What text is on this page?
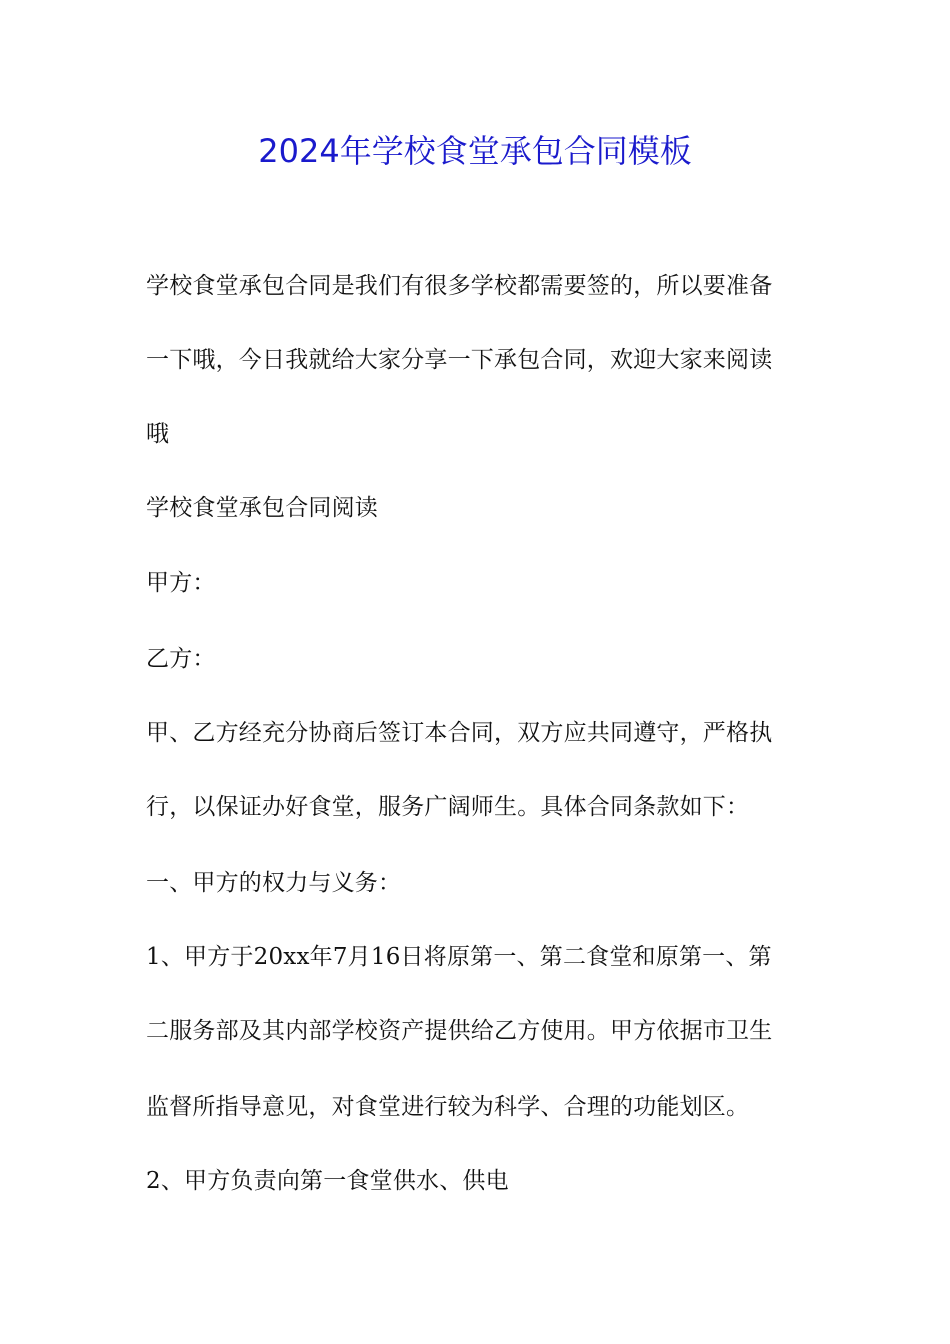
2024年学校食堂承包合同模板

学校食堂承包合同是我们有很多学校都需要签的，所以要准备

一下哦，今日我就给大家分享一下承包合同，欢迎大家来阅读

哦

学校食堂承包合同阅读

甲方：

乙方：

甲、乙方经充分协商后签订本合同，双方应共同遵守，严格执

行，以保证办好食堂，服务广阔师生。具体合同条款如下：

一、甲方的权力与义务：

1、甲方于20xx年7月16日将原第一、第二食堂和原第一、第

二服务部及其内部学校资产提供给乙方使用。甲方依据市卫生

监督所指导意见，对食堂进行较为科学、合理的功能划区。

2、甲方负责向第一食堂供水、供电
